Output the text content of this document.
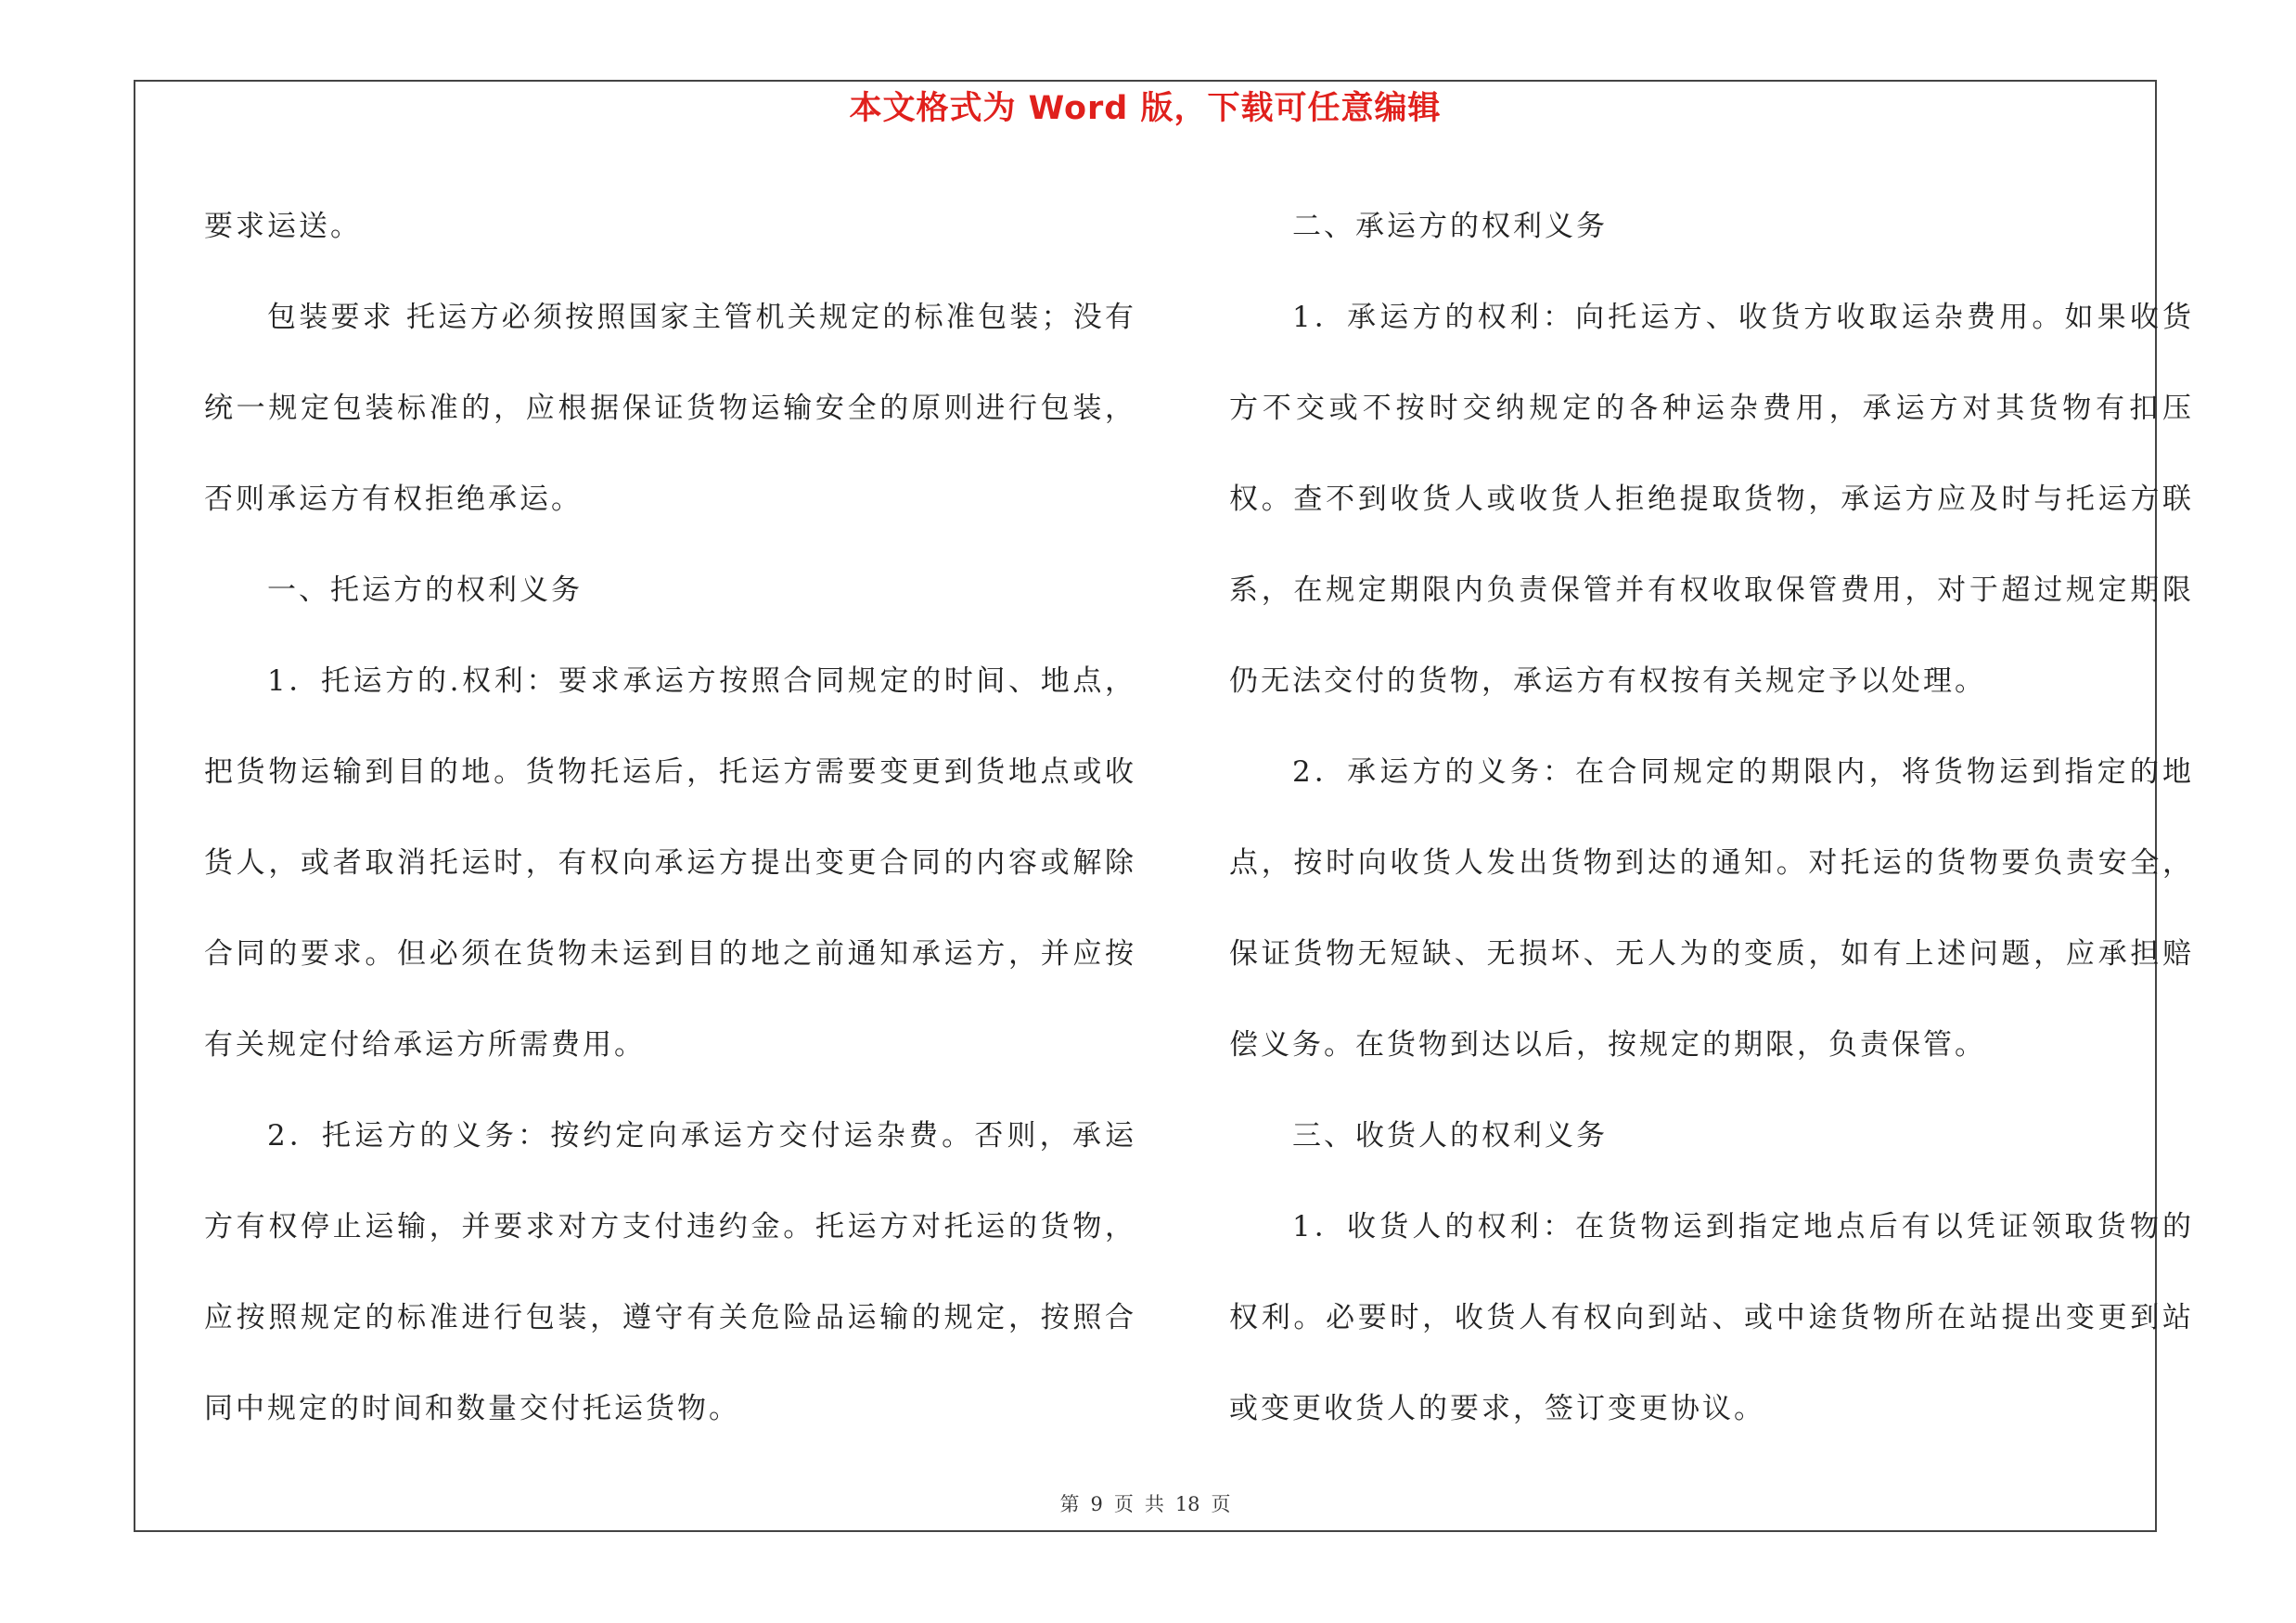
本文格式为 Word 版，下载可任意编辑

要求运送。

包装要求 托运方必须按照国家主管机关规定的标准包装；没有统一规定包装标准的，应根据保证货物运输安全的原则进行包装，否则承运方有权拒绝承运。

一、托运方的权利义务

1．托运方的.权利：要求承运方按照合同规定的时间、地点，把货物运输到目的地。货物托运后，托运方需要变更到货地点或收货人，或者取消托运时，有权向承运方提出变更合同的内容或解除合同的要求。但必须在货物未运到目的地之前通知承运方，并应按有关规定付给承运方所需费用。

2．托运方的义务：按约定向承运方交付运杂费。否则，承运方有权停止运输，并要求对方支付违约金。托运方对托运的货物，应按照规定的标准进行包装，遵守有关危险品运输的规定，按照合同中规定的时间和数量交付托运货物。

二、承运方的权利义务

1．承运方的权利：向托运方、收货方收取运杂费用。如果收货方不交或不按时交纳规定的各种运杂费用，承运方对其货物有扣压权。查不到收货人或收货人拒绝提取货物，承运方应及时与托运方联系，在规定期限内负责保管并有权收取保管费用，对于超过规定期限仍无法交付的货物，承运方有权按有关规定予以处理。

2．承运方的义务：在合同规定的期限内，将货物运到指定的地点，按时向收货人发出货物到达的通知。对托运的货物要负责安全，保证货物无短缺、无损坏、无人为的变质，如有上述问题，应承担赔偿义务。在货物到达以后，按规定的期限，负责保管。

三、收货人的权利义务

1．收货人的权利：在货物运到指定地点后有以凭证领取货物的权利。必要时，收货人有权向到站、或中途货物所在站提出变更到站或变更收货人的要求，签订变更协议。

第 9 页 共 18 页
